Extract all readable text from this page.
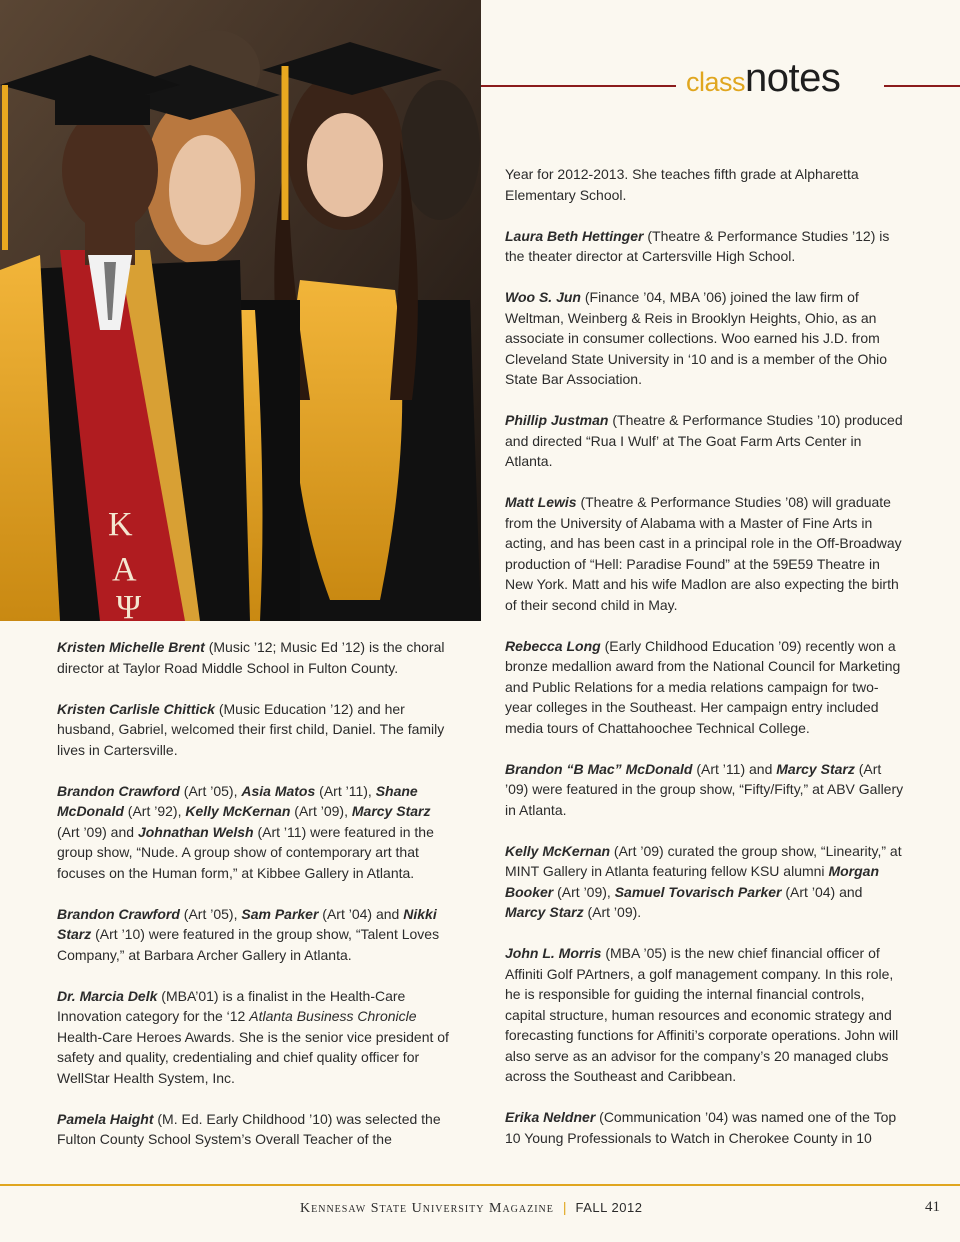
Κ
Α
Ψ
class notes

Kristen Michelle Brent (Music ’12; Music Ed ’12) is the choral director at Taylor Road Middle School in Fulton County.

Kristen Carlisle Chittick (Music Education ’12) and her husband, Gabriel, welcomed their first child, Daniel. The family lives in Cartersville.

Brandon Crawford (Art ’05), Asia Matos (Art ’11), Shane McDonald (Art ’92), Kelly McKernan (Art ’09), Marcy Starz (Art ’09) and Johnathan Welsh (Art ’11) were featured in the group show, “Nude. A group show of contemporary art that focuses on the Human form,” at Kibbee Gallery in Atlanta.

Brandon Crawford (Art ’05), Sam Parker (Art ’04) and Nikki Starz (Art ’10) were featured in the group show, “Talent Loves Company,” at Barbara Archer Gallery in Atlanta.

Dr. Marcia Delk (MBA’01) is a finalist in the Health-Care Innovation category for the ‘12 Atlanta Business Chronicle Health-Care Heroes Awards. She is the senior vice president of safety and quality, credentialing and chief quality officer for WellStar Health System, Inc.

Pamela Haight (M. Ed. Early Childhood ’10) was selected the Fulton County School System’s Overall Teacher of the

Year for 2012-2013. She teaches fifth grade at Alpharetta Elementary School.

Laura Beth Hettinger (Theatre & Performance Studies ’12) is the theater director at Cartersville High School.

Woo S. Jun (Finance ’04, MBA ’06) joined the law firm of Weltman, Weinberg & Reis in Brooklyn Heights, Ohio, as an associate in consumer collections. Woo earned his J.D. from Cleveland State University in ‘10 and is a member of the Ohio State Bar Association.

Phillip Justman (Theatre & Performance Studies ’10) produced and directed “Rua I Wulf’ at The Goat Farm Arts Center in Atlanta.

Matt Lewis (Theatre & Performance Studies ’08) will graduate from the University of Alabama with a Master of Fine Arts in acting, and has been cast in a principal role in the Off-Broadway production of “Hell: Paradise Found” at the 59E59 Theatre in New York. Matt and his wife Madlon are also expecting the birth of their second child in May.

Rebecca Long (Early Childhood Education ’09) recently won a bronze medallion award from the National Council for Marketing and Public Relations for a media relations campaign for two-year colleges in the Southeast. Her campaign entry included media tours of Chattahoochee Technical College.

Brandon “B Mac” McDonald (Art ’11) and Marcy Starz (Art ’09) were featured in the group show, “Fifty/Fifty,” at ABV Gallery in Atlanta.

Kelly McKernan (Art ’09) curated the group show, “Linearity,” at MINT Gallery in Atlanta featuring fellow KSU alumni Morgan Booker (Art ’09), Samuel Tovarisch Parker (Art ’04) and Marcy Starz (Art ’09).

John L. Morris (MBA ’05) is the new chief financial officer of Affiniti Golf PArtners, a golf management company. In this role, he is responsible for guiding the internal financial controls, capital structure, human resources and economic strategy and forecasting functions for Affiniti’s corporate operations. John will also serve as an advisor for the company’s 20 managed clubs across the Southeast and Caribbean.

Erika Neldner (Communication ’04) was named one of the Top 10 Young Professionals to Watch in Cherokee County in 10

Kennesaw State University Magazine | FALL 2012	41
